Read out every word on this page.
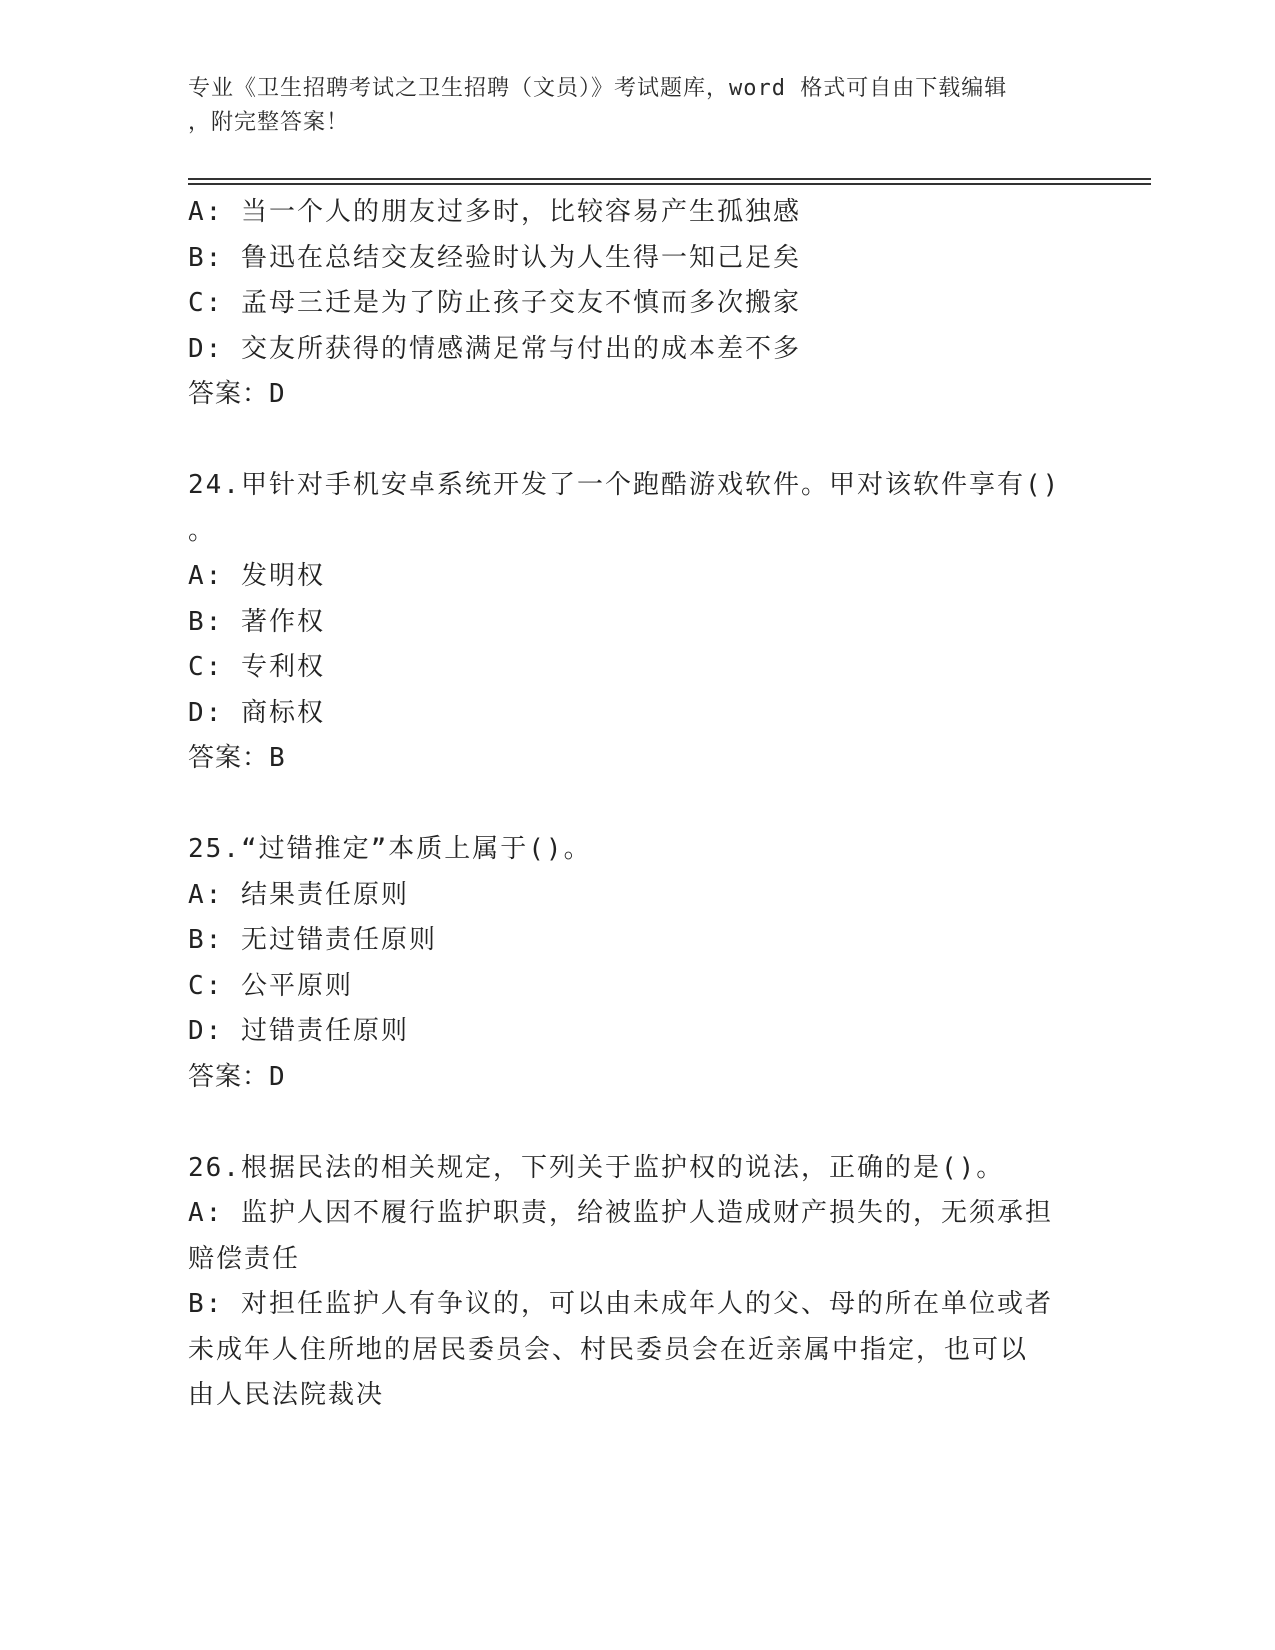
专业《卫生招聘考试之卫生招聘（文员）》考试题库，word 格式可自由下载编辑
，附完整答案！
A: 当一个人的朋友过多时，比较容易产生孤独感
B: 鲁迅在总结交友经验时认为人生得一知己足矣
C: 孟母三迁是为了防止孩子交友不慎而多次搬家
D: 交友所获得的情感满足常与付出的成本差不多
答案：D
24.甲针对手机安卓系统开发了一个跑酷游戏软件。甲对该软件享有()
。
A: 发明权
B: 著作权
C: 专利权
D: 商标权
答案：B
25.“过错推定”本质上属于()。
A: 结果责任原则
B: 无过错责任原则
C: 公平原则
D: 过错责任原则
答案：D
26.根据民法的相关规定，下列关于监护权的说法，正确的是()。
A: 监护人因不履行监护职责，给被监护人造成财产损失的，无须承担
赔偿责任
B: 对担任监护人有争议的，可以由未成年人的父、母的所在单位或者
未成年人住所地的居民委员会、村民委员会在近亲属中指定，也可以
由人民法院裁决
